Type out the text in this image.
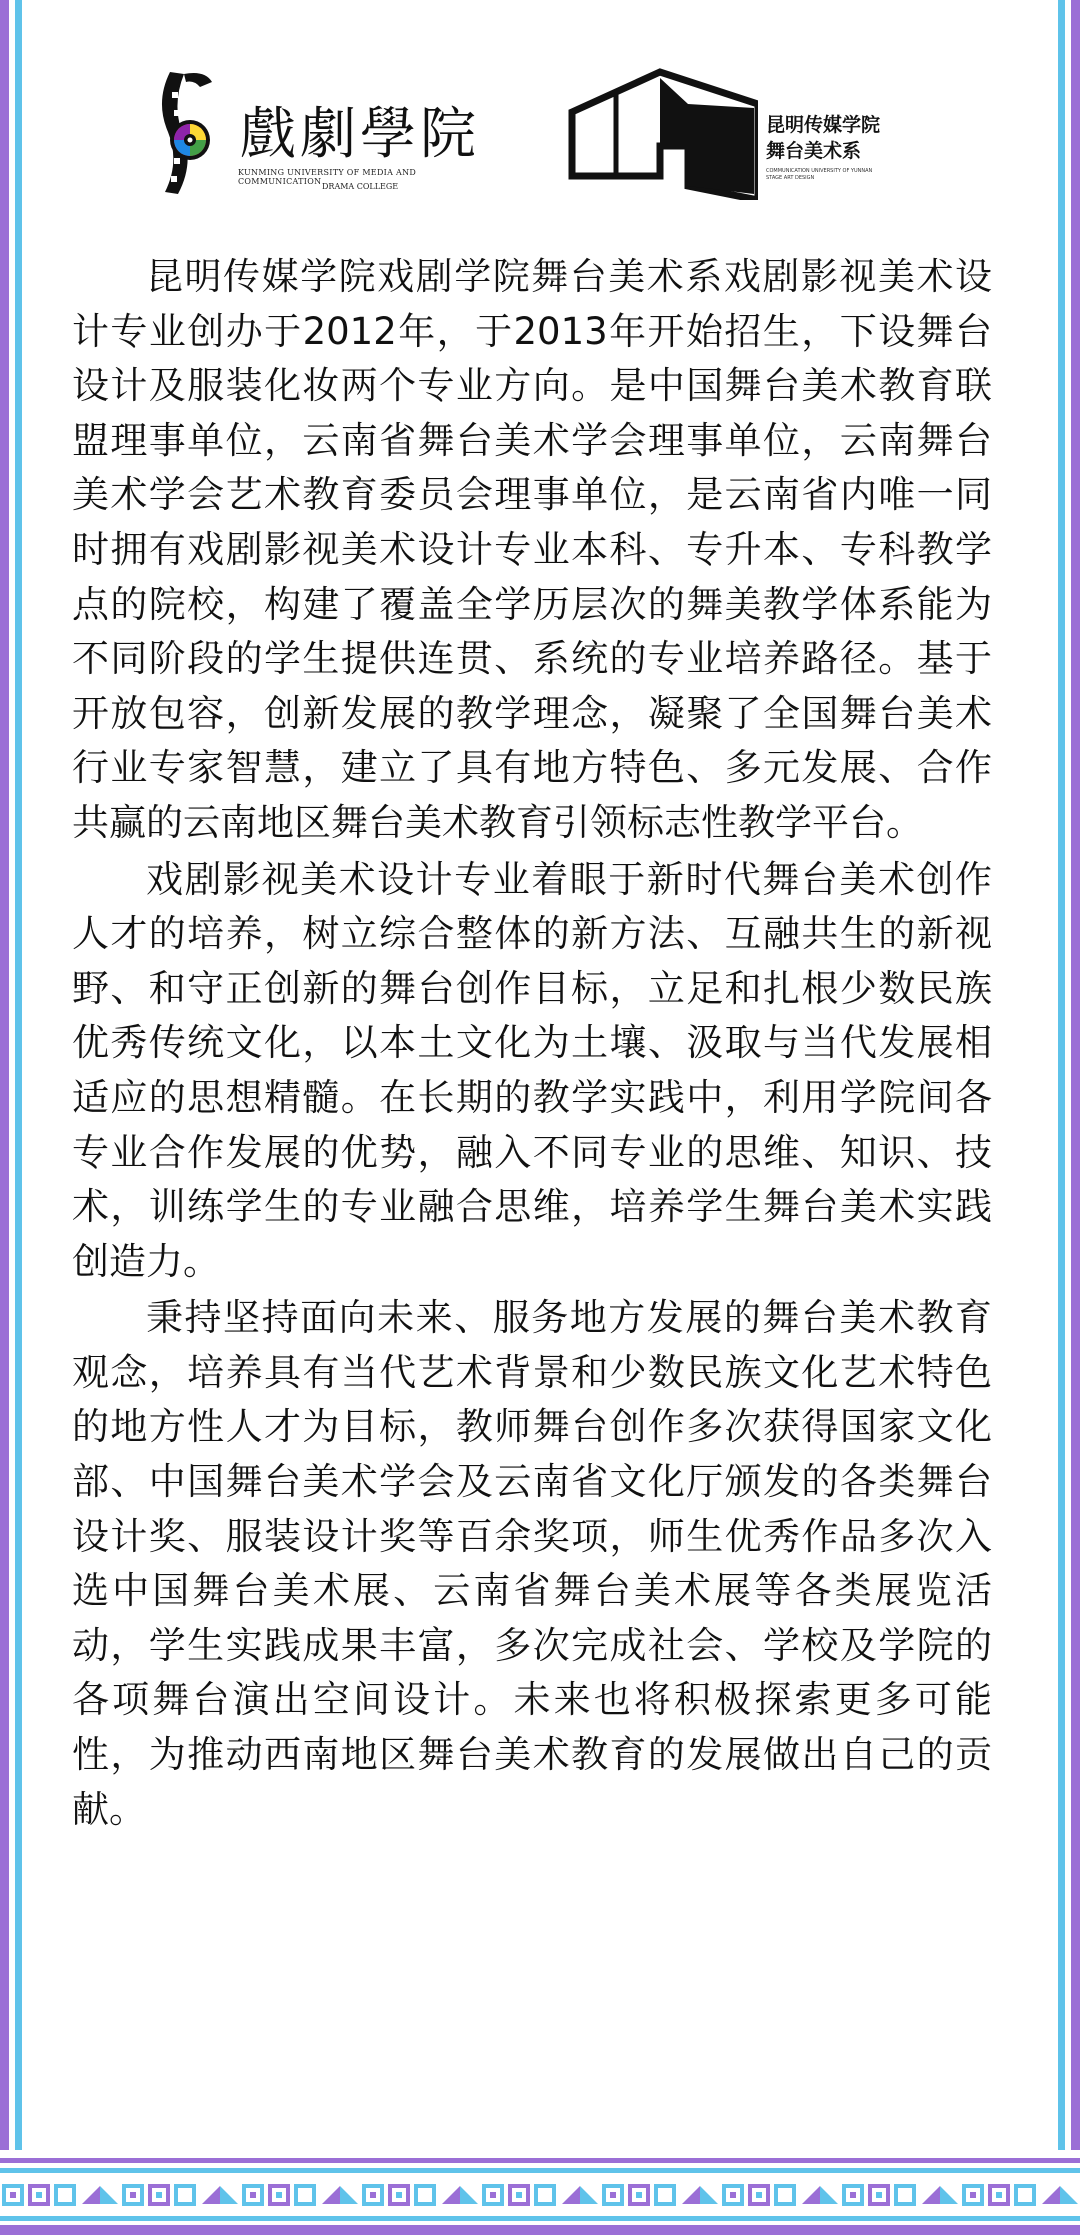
戲劇學院
KUNMING UNIVERSITY OF MEDIA AND COMMUNICATION
DRAMA COLLEGE
昆明传媒学院
舞台美术系
COMMUNICATION UNIVERSITY OF YUNNAN
STAGE ART DESIGN

昆明传媒学院戏剧学院舞台美术系戏剧影视美术设计专业创办于2012年，于2013年开始招生，下设舞台设计及服装化妆两个专业方向。是中国舞台美术教育联盟理事单位，云南省舞台美术学会理事单位，云南舞台美术学会艺术教育委员会理事单位，是云南省内唯一同时拥有戏剧影视美术设计专业本科、专升本、专科教学点的院校，构建了覆盖全学历层次的舞美教学体系能为不同阶段的学生提供连贯、系统的专业培养路径。基于开放包容，创新发展的教学理念，凝聚了全国舞台美术行业专家智慧，建立了具有地方特色、多元发展、合作共赢的云南地区舞台美术教育引领标志性教学平台。

戏剧影视美术设计专业着眼于新时代舞台美术创作人才的培养，树立综合整体的新方法、互融共生的新视野、和守正创新的舞台创作目标，立足和扎根少数民族优秀传统文化，以本土文化为土壤、汲取与当代发展相适应的思想精髓。在长期的教学实践中，利用学院间各专业合作发展的优势，融入不同专业的思维、知识、技术，训练学生的专业融合思维，培养学生舞台美术实践创造力。

秉持坚持面向未来、服务地方发展的舞台美术教育观念，培养具有当代艺术背景和少数民族文化艺术特色的地方性人才为目标，教师舞台创作多次获得国家文化部、中国舞台美术学会及云南省文化厅颁发的各类舞台设计奖、服装设计奖等百余奖项，师生优秀作品多次入选中国舞台美术展、云南省舞台美术展等各类展览活动，学生实践成果丰富，多次完成社会、学校及学院的各项舞台演出空间设计。未来也将积极探索更多可能性，为推动西南地区舞台美术教育的发展做出自己的贡献。
